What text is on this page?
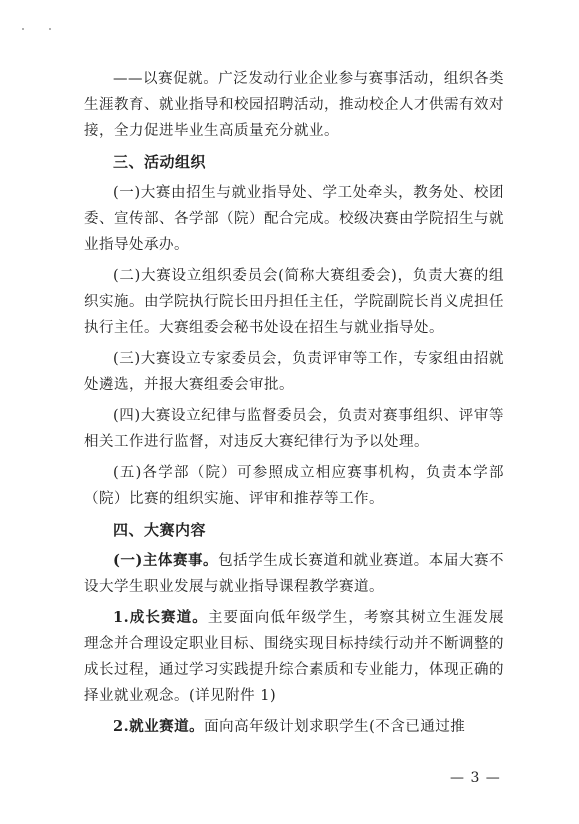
——以赛促就。广泛发动行业企业参与赛事活动，组织各类生涯教育、就业指导和校园招聘活动，推动校企人才供需有效对接，全力促进毕业生高质量充分就业。

三、活动组织

(一)大赛由招生与就业指导处、学工处牵头，教务处、校团委、宣传部、各学部（院）配合完成。校级决赛由学院招生与就业指导处承办。

(二)大赛设立组织委员会(简称大赛组委会)，负责大赛的组织实施。由学院执行院长田丹担任主任，学院副院长肖义虎担任执行主任。大赛组委会秘书处设在招生与就业指导处。

(三)大赛设立专家委员会，负责评审等工作，专家组由招就处遴选，并报大赛组委会审批。

(四)大赛设立纪律与监督委员会，负责对赛事组织、评审等相关工作进行监督，对违反大赛纪律行为予以处理。

(五)各学部（院）可参照成立相应赛事机构，负责本学部（院）比赛的组织实施、评审和推荐等工作。

四、大赛内容

(一)主体赛事。包括学生成长赛道和就业赛道。本届大赛不设大学生职业发展与就业指导课程教学赛道。

1.成长赛道。主要面向低年级学生，考察其树立生涯发展理念并合理设定职业目标、围绕实现目标持续行动并不断调整的成长过程，通过学习实践提升综合素质和专业能力，体现正确的择业就业观念。(详见附件 1)

2.就业赛道。面向高年级计划求职学生(不含已通过推

— 3 —
